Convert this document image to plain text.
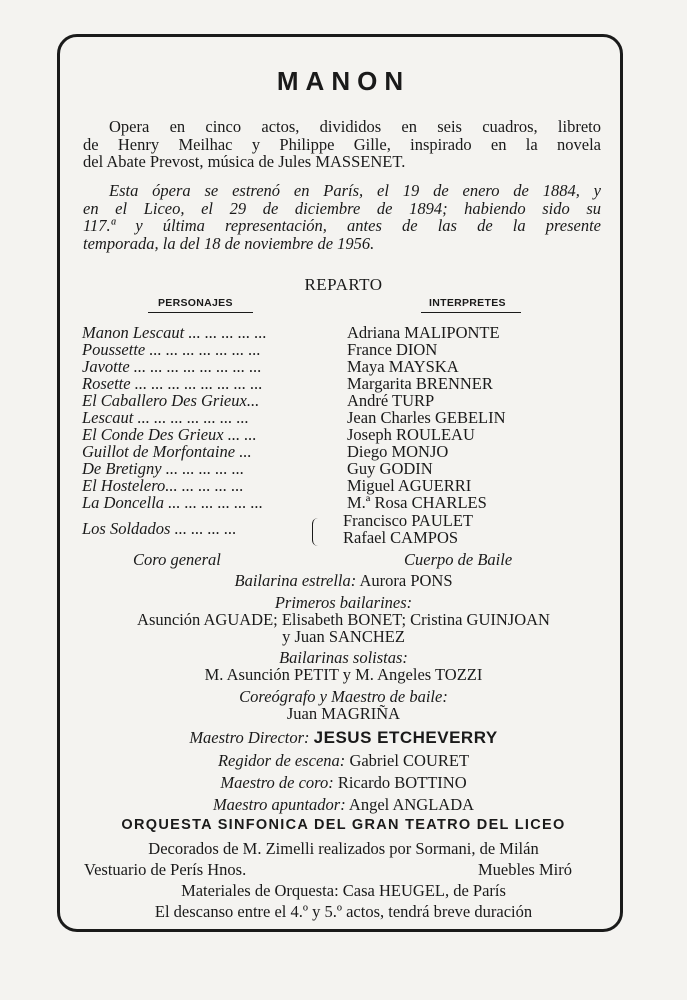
MANON

Opera en cinco actos, divididos en seis cuadros, libreto
de Henry Meilhac y Philippe Gille, inspirado en la novela
del Abate Prevost, música de Jules MASSENET.

Esta ópera se estrenó en París, el 19 de enero de 1884, y
en el Liceo, el 29 de diciembre de 1894; habiendo sido su
117.ª y última representación, antes de las de la presente
temporada, la del 18 de noviembre de 1956.

REPARTO
PERSONAJES	INTERPRETES
Manon Lescaut ... ... ... ... ...	Adriana MALIPONTE
Poussette ... ... ... ... ... ... ...	France DION
Javotte ... ... ... ... ... ... ... ...	Maya MAYSKA
Rosette ... ... ... ... ... ... ... ...	Margarita BRENNER
El Caballero Des Grieux...	André TURP
Lescaut ... ... ... ... ... ... ...	Jean Charles GEBELIN
El Conde Des Grieux ... ...	Joseph ROULEAU
Guillot de Morfontaine ...	Diego MONJO
De Bretigny ... ... ... ... ...	Guy GODIN
El Hostelero... ... ... ... ...	Miguel AGUERRI
La Doncella ... ... ... ... ... ...	M.ª Rosa CHARLES
Los Soldados ... ... ... ...	Francisco PAULET
Rafael CAMPOS
Coro general	Cuerpo de Baile
Bailarina estrella: Aurora PONS
Primeros bailarines:
Asunción AGUADE; Elisabeth BONET; Cristina GUINJOAN
y Juan SANCHEZ
Bailarinas solistas:
M. Asunción PETIT y M. Angeles TOZZI
Coreógrafo y Maestro de baile:
Juan MAGRIÑA
Maestro Director: JESUS ETCHEVERRY
Regidor de escena: Gabriel COURET
Maestro de coro: Ricardo BOTTINO
Maestro apuntador: Angel ANGLADA
ORQUESTA SINFONICA DEL GRAN TEATRO DEL LICEO
Decorados de M. Zimelli realizados por Sormani, de Milán
Vestuario de Perís Hnos.	Muebles Miró
Materiales de Orquesta: Casa HEUGEL, de París
El descanso entre el 4.º y 5.º actos, tendrá breve duración
